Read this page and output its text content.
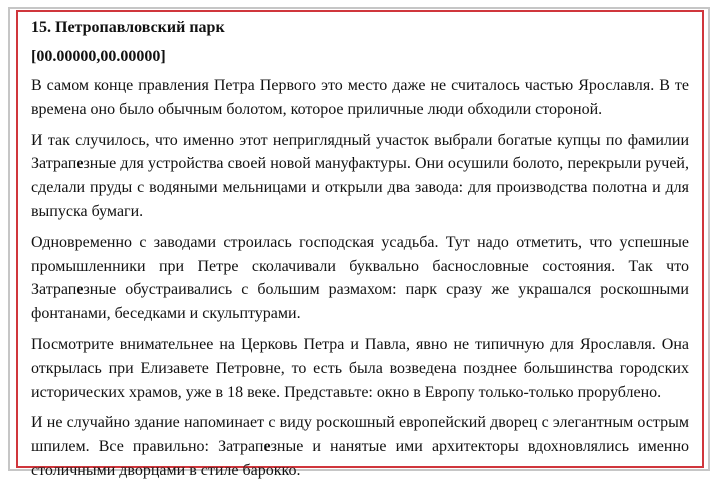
15. Петропавловский парк
[00.00000,00.00000]

В самом конце правления Петра Первого это место даже не считалось частью Ярославля. В те времена оно было обычным болотом, которое приличные люди обходили стороной.

И так случилось, что именно этот неприглядный участок выбрали богатые купцы по фамилии Затрапезные для устройства своей новой мануфактуры. Они осушили болото, перекрыли ручей, сделали пруды с водяными мельницами и открыли два завода: для производства полотна и для выпуска бумаги.

Одновременно с заводами строилась господская усадьба. Тут надо отметить, что успешные промышленники при Петре сколачивали буквально баснословные состояния. Так что Затрапезные обустраивались с большим размахом: парк сразу же украшался роскошными фонтанами, беседками и скульптурами.

Посмотрите внимательнее на Церковь Петра и Павла, явно не типичную для Ярославля. Она открылась при Елизавете Петровне, то есть была возведена позднее большинства городских исторических храмов, уже в 18 веке. Представьте: окно в Европу только-только прорублено.

И не случайно здание напоминает с виду роскошный европейский дворец с элегантным острым шпилем. Все правильно: Затрапезные и нанятые ими архитекторы вдохновлялись именно столичными дворцами в стиле барокко.
